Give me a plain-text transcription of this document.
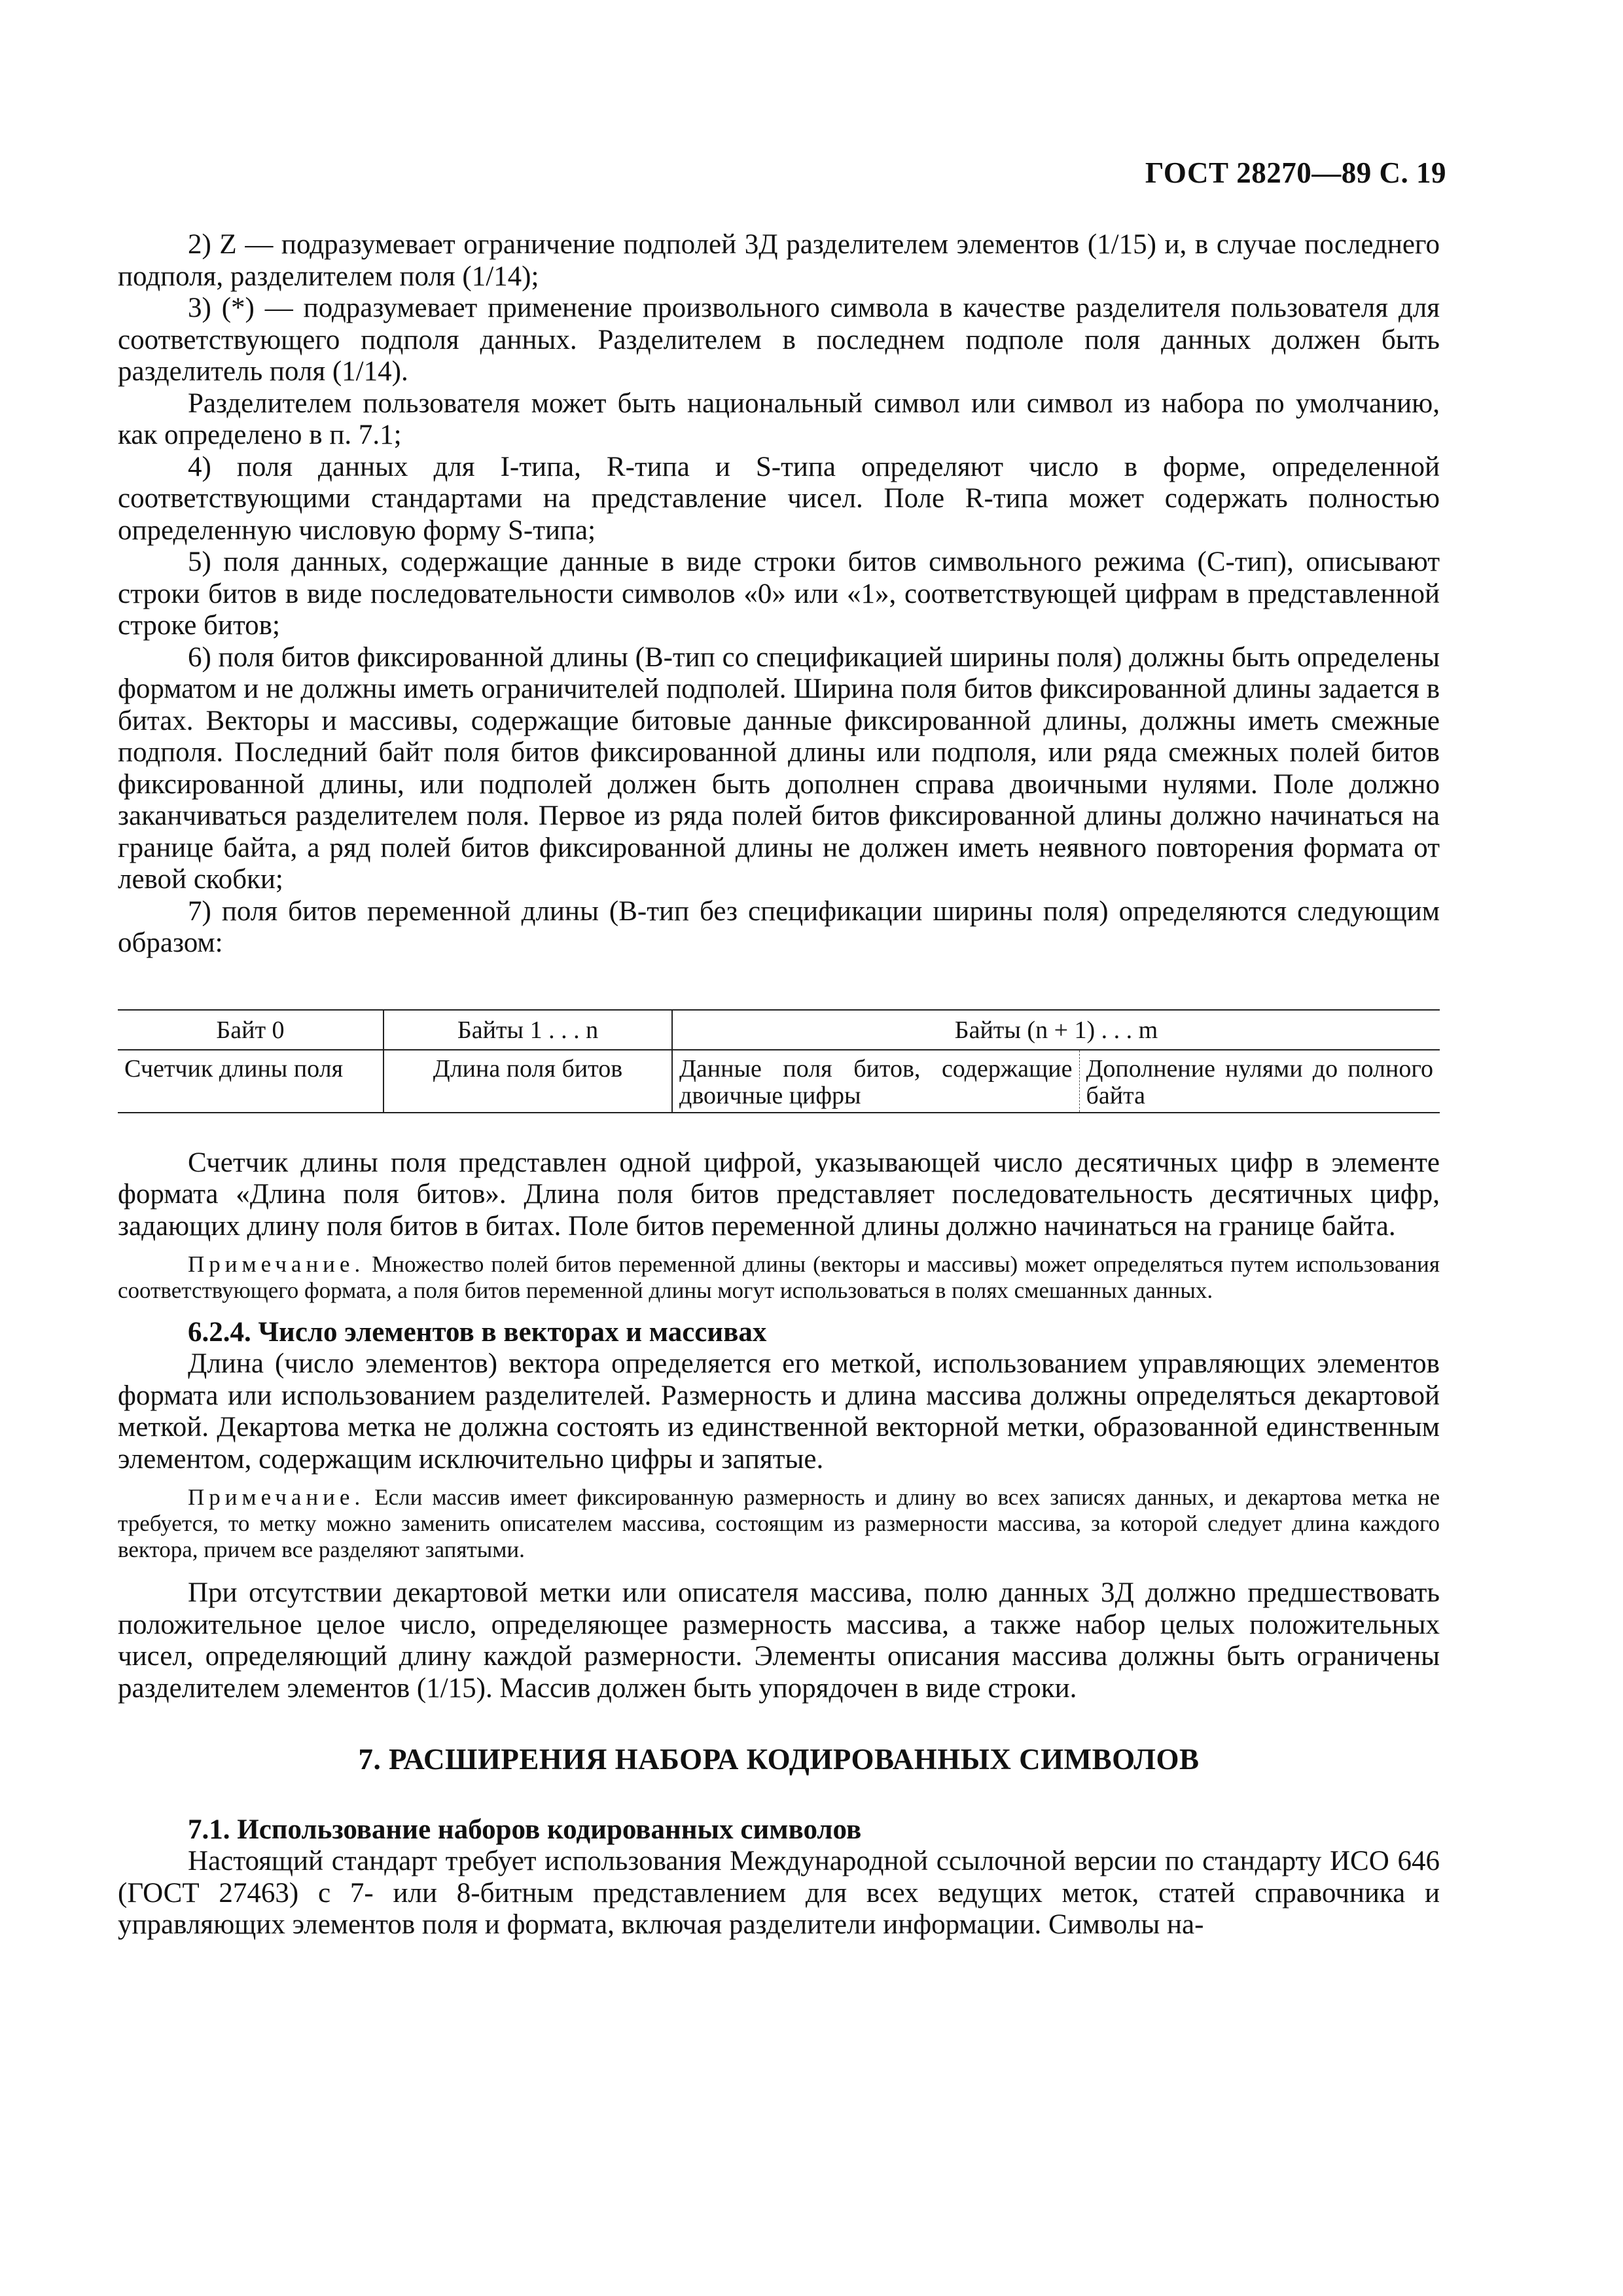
ГОСТ 28270—89 С. 19

2) Z — подразумевает ограничение подполей 3Д разделителем элементов (1/15) и, в случае последнего подполя, разделителем поля (1/14);

3) (*) — подразумевает применение произвольного символа в качестве разделителя пользователя для соответствующего подполя данных. Разделителем в последнем подполе поля данных должен быть разделитель поля (1/14).

Разделителем пользователя может быть национальный символ или символ из набора по умолчанию, как определено в п. 7.1;

4) поля данных для I-типа, R-типа и S-типа определяют число в форме, определенной соответствующими стандартами на представление чисел. Поле R-типа может содержать полностью определенную числовую форму S-типа;

5) поля данных, содержащие данные в виде строки битов символьного режима (C-тип), описывают строки битов в виде последовательности символов «0» или «1», соответствующей цифрам в представленной строке битов;

6) поля битов фиксированной длины (B-тип со спецификацией ширины поля) должны быть определены форматом и не должны иметь ограничителей подполей. Ширина поля битов фиксированной длины задается в битах. Векторы и массивы, содержащие битовые данные фиксированной длины, должны иметь смежные подполя. Последний байт поля битов фиксированной длины или подполя, или ряда смежных полей битов фиксированной длины, или подполей должен быть дополнен справа двоичными нулями. Поле должно заканчиваться разделителем поля. Первое из ряда полей битов фиксированной длины должно начинаться на границе байта, а ряд полей битов фиксированной длины не должен иметь неявного повторения формата от левой скобки;

7) поля битов переменной длины (B-тип без спецификации ширины поля) определяются следующим образом:

Байт 0	Байты 1 . . . n	Байты (n + 1) . . . m	
Счетчик длины поля	Длина поля битов	Данные поля битов, содержащие двоичные цифры	Дополнение нулями до полного байта

Счетчик длины поля представлен одной цифрой, указывающей число десятичных цифр в элементе формата «Длина поля битов». Длина поля битов представляет последовательность десятичных цифр, задающих длину поля битов в битах. Поле битов переменной длины должно начинаться на границе байта.

Примечание. Множество полей битов переменной длины (векторы и массивы) может определяться путем использования соответствующего формата, а поля битов переменной длины могут использоваться в полях смешанных данных.

6.2.4. Число элементов в векторах и массивах

Длина (число элементов) вектора определяется его меткой, использованием управляющих элементов формата или использованием разделителей. Размерность и длина массива должны определяться декартовой меткой. Декартова метка не должна состоять из единственной векторной метки, образованной единственным элементом, содержащим исключительно цифры и запятые.

Примечание. Если массив имеет фиксированную размерность и длину во всех записях данных, и декартова метка не требуется, то метку можно заменить описателем массива, состоящим из размерности массива, за которой следует длина каждого вектора, причем все разделяют запятыми.

При отсутствии декартовой метки или описателя массива, полю данных 3Д должно предшествовать положительное целое число, определяющее размерность массива, а также набор целых положительных чисел, определяющий длину каждой размерности. Элементы описания массива должны быть ограничены разделителем элементов (1/15). Массив должен быть упорядочен в виде строки.

7. РАСШИРЕНИЯ НАБОРА КОДИРОВАННЫХ СИМВОЛОВ
7.1. Использование наборов кодированных символов

Настоящий стандарт требует использования Международной ссылочной версии по стандарту ИСО 646 (ГОСТ 27463) с 7- или 8-битным представлением для всех ведущих меток, статей справочника и управляющих элементов поля и формата, включая разделители информации. Символы на-
